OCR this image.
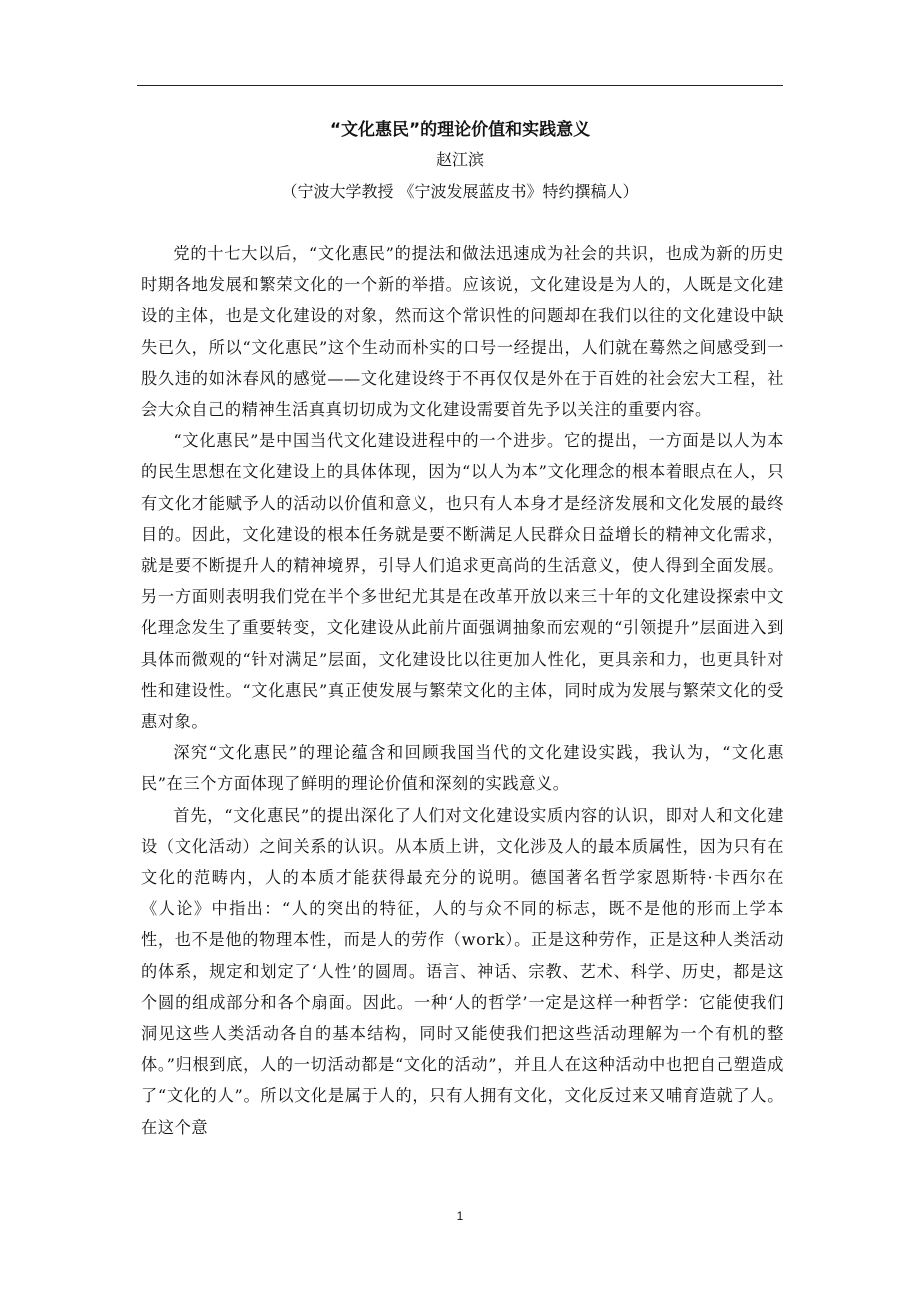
“文化惠民”的理论价值和实践意义
赵江滨
（宁波大学教授 《宁波发展蓝皮书》特约撰稿人）

党的十七大以后，“文化惠民”的提法和做法迅速成为社会的共识，也成为新的历史时期各地发展和繁荣文化的一个新的举措。应该说，文化建设是为人的，人既是文化建设的主体，也是文化建设的对象，然而这个常识性的问题却在我们以往的文化建设中缺失已久，所以“文化惠民”这个生动而朴实的口号一经提出，人们就在蓦然之间感受到一股久违的如沐春风的感觉——文化建设终于不再仅仅是外在于百姓的社会宏大工程，社会大众自己的精神生活真真切切成为文化建设需要首先予以关注的重要内容。

“文化惠民”是中国当代文化建设进程中的一个进步。它的提出，一方面是以人为本的民生思想在文化建设上的具体体现，因为“以人为本”文化理念的根本着眼点在人，只有文化才能赋予人的活动以价值和意义，也只有人本身才是经济发展和文化发展的最终目的。因此，文化建设的根本任务就是要不断满足人民群众日益增长的精神文化需求，就是要不断提升人的精神境界，引导人们追求更高尚的生活意义，使人得到全面发展。另一方面则表明我们党在半个多世纪尤其是在改革开放以来三十年的文化建设探索中文化理念发生了重要转变，文化建设从此前片面强调抽象而宏观的“引领提升”层面进入到具体而微观的“针对满足”层面，文化建设比以往更加人性化，更具亲和力，也更具针对性和建设性。“文化惠民”真正使发展与繁荣文化的主体，同时成为发展与繁荣文化的受惠对象。

深究“文化惠民”的理论蕴含和回顾我国当代的文化建设实践，我认为，“文化惠民”在三个方面体现了鲜明的理论价值和深刻的实践意义。

首先，“文化惠民”的提出深化了人们对文化建设实质内容的认识，即对人和文化建设（文化活动）之间关系的认识。从本质上讲，文化涉及人的最本质属性，因为只有在文化的范畴内，人的本质才能获得最充分的说明。德国著名哲学家恩斯特·卡西尔在《人论》中指出：“人的突出的特征，人的与众不同的标志，既不是他的形而上学本性，也不是他的物理本性，而是人的劳作（work）。正是这种劳作，正是这种人类活动的体系，规定和划定了‘人性’的圆周。语言、神话、宗教、艺术、科学、历史，都是这个圆的组成部分和各个扇面。因此。一种‘人的哲学’一定是这样一种哲学：它能使我们洞见这些人类活动各自的基本结构，同时又能使我们把这些活动理解为一个有机的整体。”归根到底，人的一切活动都是“文化的活动”，并且人在这种活动中也把自己塑造成了“文化的人”。所以文化是属于人的，只有人拥有文化，文化反过来又哺育造就了人。在这个意

1
